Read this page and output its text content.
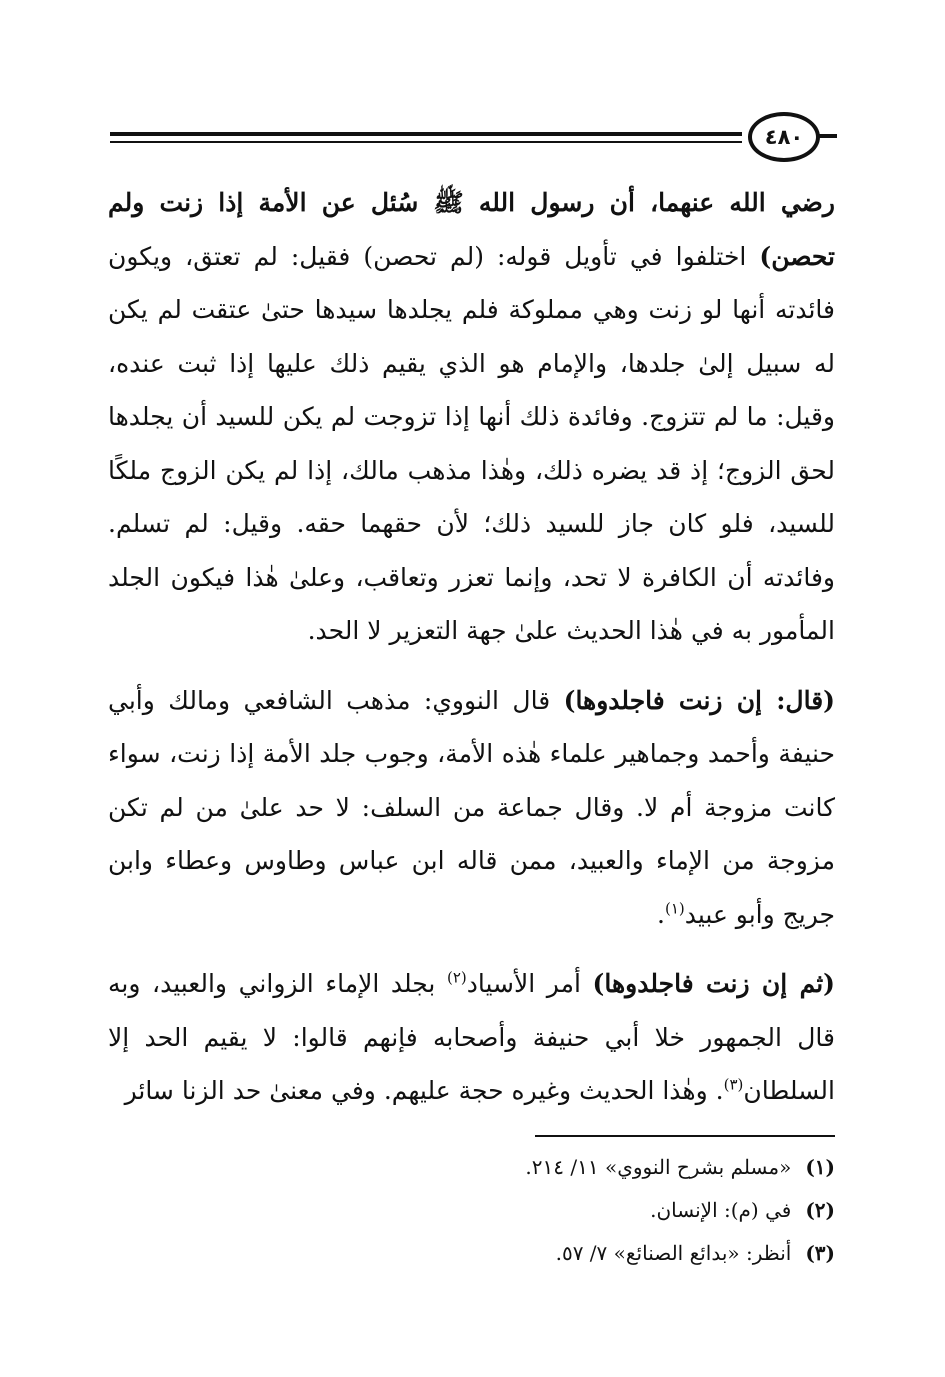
٤٨٠

رضي الله عنهما، أن رسول الله ﷺ سُئل عن الأمة إذا زنت ولم تحصن) اختلفوا في تأويل قوله: (لم تحصن) فقيل: لم تعتق، ويكون فائدته أنها لو زنت وهي مملوكة فلم يجلدها سيدها حتىٰ عتقت لم يكن له سبيل إلىٰ جلدها، والإمام هو الذي يقيم ذلك عليها إذا ثبت عنده، وقيل: ما لم تتزوج. وفائدة ذلك أنها إذا تزوجت لم يكن للسيد أن يجلدها لحق الزوج؛ إذ قد يضره ذلك، وهٰذا مذهب مالك، إذا لم يكن الزوج ملكًا للسيد، فلو كان جاز للسيد ذلك؛ لأن حقهما حقه. وقيل: لم تسلم. وفائدته أن الكافرة لا تحد، وإنما تعزر وتعاقب، وعلىٰ هٰذا فيكون الجلد المأمور به في هٰذا الحديث علىٰ جهة التعزير لا الحد.

(قال: إن زنت فاجلدوها) قال النووي: مذهب الشافعي ومالك وأبي حنيفة وأحمد وجماهير علماء هٰذه الأمة، وجوب جلد الأمة إذا زنت، سواء كانت مزوجة أم لا. وقال جماعة من السلف: لا حد علىٰ من لم تكن مزوجة من الإماء والعبيد، ممن قاله ابن عباس وطاوس وعطاء وابن جريج وأبو عبيد$^{(١)}$.

(ثم إن زنت فاجلدوها) أمر الأسياد$^{(٢)}$ بجلد الإماء الزواني والعبيد، وبه قال الجمهور خلا أبي حنيفة وأصحابه فإنهم قالوا: لا يقيم الحد إلا السلطان$^{(٣)}$. وهٰذا الحديث وغيره حجة عليهم. وفي معنىٰ حد الزنا سائر

(١)
«مسلم بشرح النووي» ١١/ ٢١٤.
(٢)
في (م): الإنسان.
(٣)
أنظر: «بدائع الصنائع» ٧/ ٥٧.
